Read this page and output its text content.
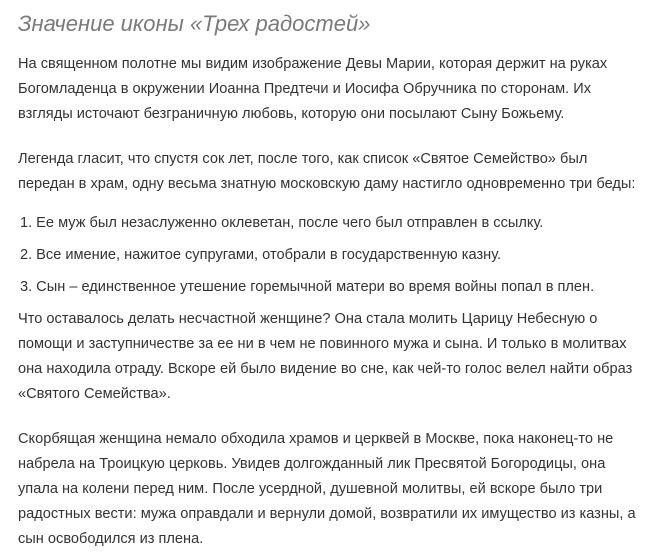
Значение иконы «Трех радостей»

На священном полотне мы видим изображение Девы Марии, которая держит на руках Богомладенца в окружении Иоанна Предтечи и Иосифа Обручника по сторонам. Их взгляды источают безграничную любовь, которую они посылают Сыну Божьему.

Легенда гласит, что спустя сок лет, после того, как список «Святое Семейство» был передан в храм, одну весьма знатную московскую даму настигло одновременно три беды:

1. Ее муж был незаслуженно оклеветан, после чего был отправлен в ссылку.
2. Все имение, нажитое супругами, отобрали в государственную казну.
3. Сын – единственное утешение горемычной матери во время войны попал в плен.

Что оставалось делать несчастной женщине? Она стала молить Царицу Небесную о помощи и заступничестве за ее ни в чем не повинного мужа и сына. И только в молитвах она находила отраду. Вскоре ей было видение во сне, как чей-то голос велел найти образ «Святого Семейства».

Скорбящая женщина немало обходила храмов и церквей в Москве, пока наконец-то не набрела на Троицкую церковь. Увидев долгожданный лик Пресвятой Богородицы, она упала на колени перед ним. После усердной, душевной молитвы, ей вскоре было три радостных вести: мужа оправдали и вернули домой, возвратили их имущество из казны, а сын освободился из плена.
